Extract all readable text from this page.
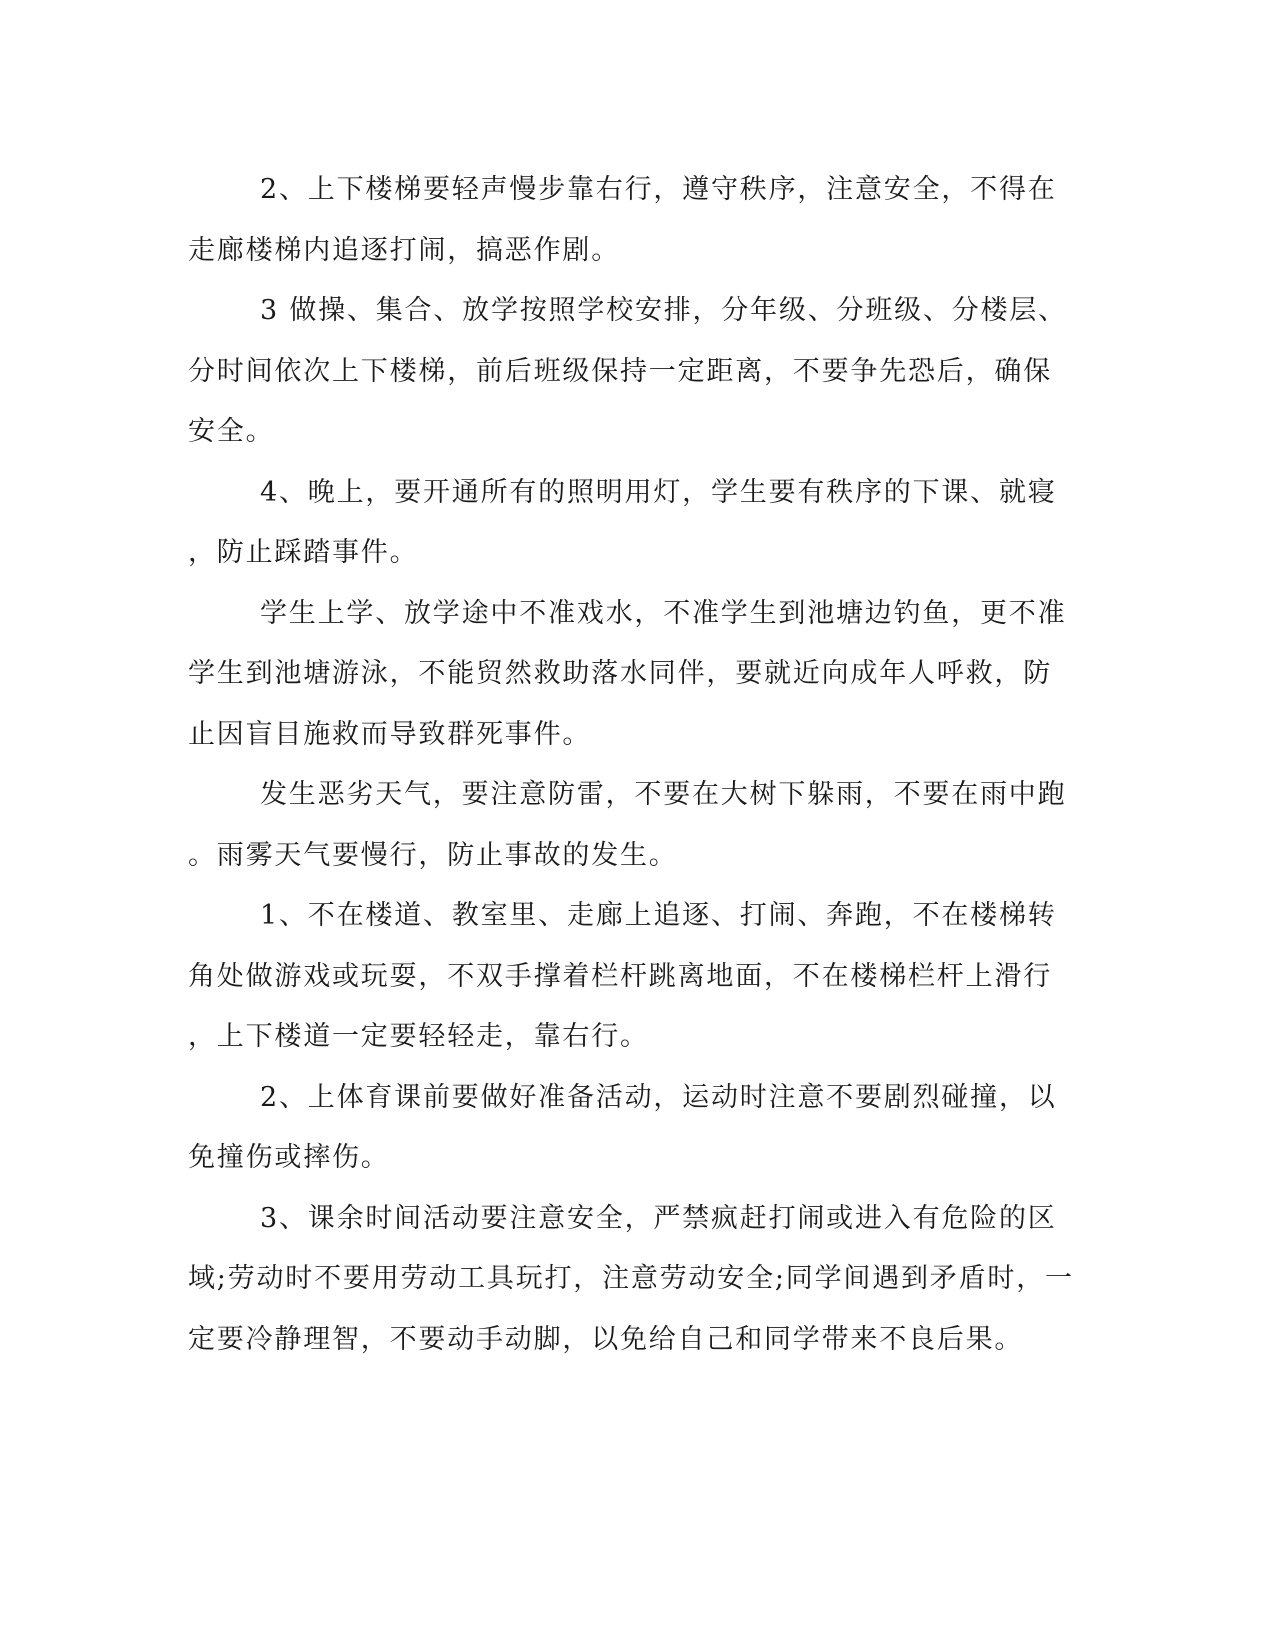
2、上下楼梯要轻声慢步靠右行，遵守秩序，注意安全，不得在
走廊楼梯内追逐打闹，搞恶作剧。
3 做操、集合、放学按照学校安排，分年级、分班级、分楼层、
分时间依次上下楼梯，前后班级保持一定距离，不要争先恐后，确保
安全。
4、晚上，要开通所有的照明用灯，学生要有秩序的下课、就寝
，防止踩踏事件。
学生上学、放学途中不准戏水，不准学生到池塘边钓鱼，更不准
学生到池塘游泳，不能贸然救助落水同伴，要就近向成年人呼救，防
止因盲目施救而导致群死事件。
发生恶劣天气，要注意防雷，不要在大树下躲雨，不要在雨中跑
。雨雾天气要慢行，防止事故的发生。
1、不在楼道、教室里、走廊上追逐、打闹、奔跑，不在楼梯转
角处做游戏或玩耍，不双手撑着栏杆跳离地面，不在楼梯栏杆上滑行
，上下楼道一定要轻轻走，靠右行。
2、上体育课前要做好准备活动，运动时注意不要剧烈碰撞，以
免撞伤或摔伤。
3、课余时间活动要注意安全，严禁疯赶打闹或进入有危险的区
域;劳动时不要用劳动工具玩打，注意劳动安全;同学间遇到矛盾时，一
定要冷静理智，不要动手动脚，以免给自己和同学带来不良后果。
